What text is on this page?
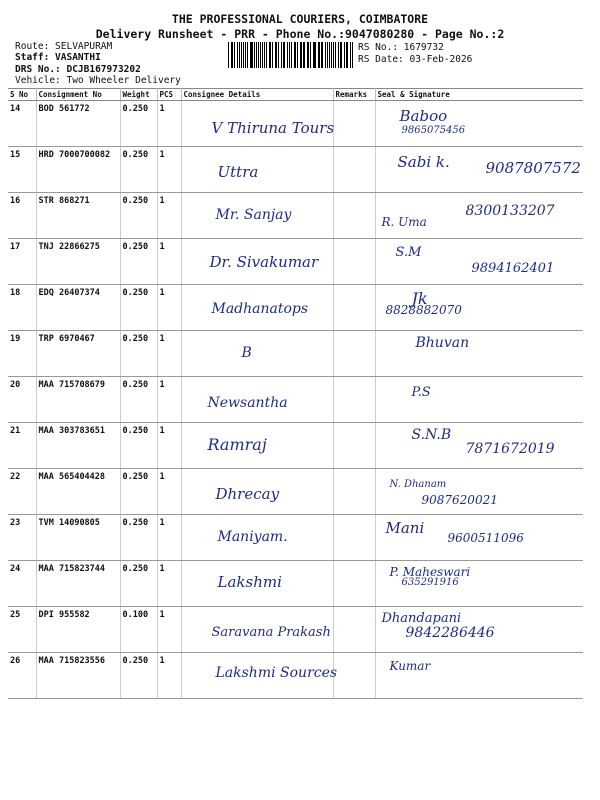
THE PROFESSIONAL COURIERS, COIMBATORE
Delivery Runsheet - PRR - Phone No.:9047080280 - Page No.:2
Route: SELVAPURAM
Staff: VASANTHI
DRS No.: DCJB167973202
Vehicle: Two Wheeler Delivery
RS No.: 1679732
RS Date: 03-Feb-2026
S No	Consignment No	Weight	PCS	Consignee Details	Remarks	Seal & Signature
14	BOD 561772	0.250	1	V Thiruna Tours		Baboo
9865075456

15	HRD 7000700082	0.250	1	Uttra		Sabi k. 9087807572

16	STR 868271	0.250	1	Mr. Sanjay		R. Uma
8300133207

17	TNJ 22866275	0.250	1	Dr. Sivakumar		S.M
9894162401

18	EDQ 26407374	0.250	1	Madhanatops		Jk
8828882070

19	TRP 6970467	0.250	1	B		Bhuvan

20	MAA 715708679	0.250	1	Newsantha		P.S

21	MAA 303783651	0.250	1	Ramraj		S.N.B
7871672019

22	MAA 565404428	0.250	1	Dhrecay		N. Dhanam
9087620021

23	TVM 14090805	0.250	1	Maniyam.		Mani
9600511096

24	MAA 715823744	0.250	1	Lakshmi		P. Maheswari
635291916

25	DPI 955582	0.100	1	Saravana Prakash		Dhandapani
9842286446

26	MAA 715823556	0.250	1	Lakshmi Sources		Kumar
